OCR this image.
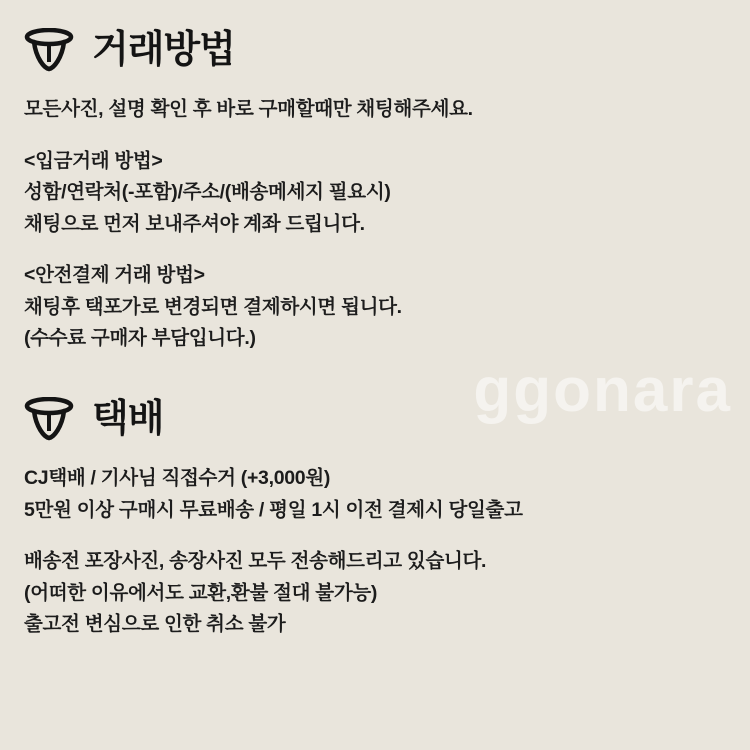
ggonara
거래방법
모든사진, 설명 확인 후 바로 구매할때만 채팅해주세요.
<입금거래 방법>
성함/연락처(-포함)/주소/(배송메세지 필요시)
채팅으로 먼저 보내주셔야 계좌 드립니다.
<안전결제 거래 방법>
채팅후 택포가로 변경되면 결제하시면 됩니다.
(수수료 구매자 부담입니다.)
택배
CJ택배 / 기사님 직접수거 (+3,000원)
5만원 이상 구매시 무료배송 / 평일 1시 이전 결제시 당일출고
배송전 포장사진, 송장사진 모두 전송해드리고 있습니다.
(어떠한 이유에서도 교환,환불 절대 불가능)
출고전 변심으로 인한 취소 불가
